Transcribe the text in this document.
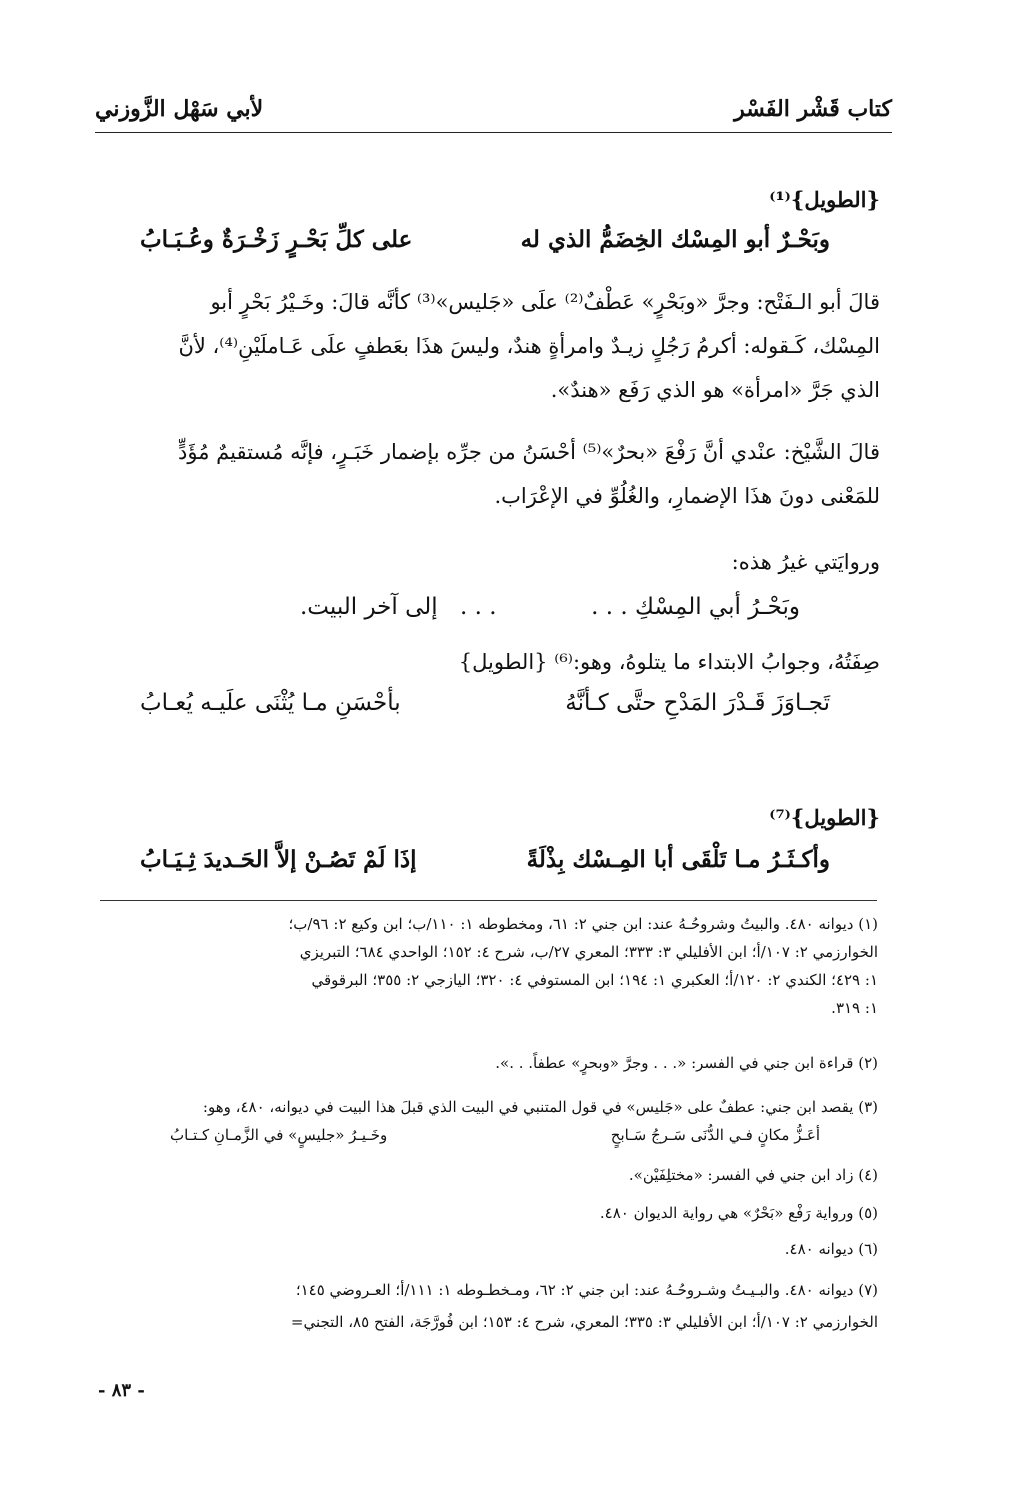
كتاب قَشْر الفَسْر
لأبي سَهْل الزَّوزني
{الطويل}⁽¹⁾
وبَحْـرٌ أبو المِسْك الخِضَمُّ الذي له
على كلِّ بَحْـرٍ زَخْـرَةٌ وعُـبَـابُ
قالَ أبو الـفَتْح: وجرَّ «وبَحْرٍ» عَطْفٌ⁽²⁾ علَى «جَليس»⁽³⁾ كأنَّه قالَ: وخَـيْرُ بَحْرٍ أبو
المِسْك، كَـقوله: أكرمُ رَجُلٍ زيـدٌ وامرأةٍ هندٌ، وليسَ هذَا بعَطفٍ علَى عَـاملَيْنِ⁽⁴⁾، لأنَّ
الذي جَرَّ «امرأة» هو الذي رَفَع «هندٌ».
قالَ الشَّيْخ: عنْدي أنَّ رَفْعَ «بحرٌ»⁽⁵⁾ أحْسَنُ من جرِّه بإضمار خَبَـرٍ، فإنَّه مُستقيمٌ مُؤَدٍّ
للمَعْنى دونَ هذَا الإضمارِ، والغُلُوِّ في الإعْرَاب.
وروايَتي غيرُ هذه:
وبَحْـرُ أبي المِسْكِ . . .
. . .
إلى آخر البيت.
صِفَتُهُ، وجوابُ الابتداء ما يتلوهُ، وهو:⁽⁶⁾ {الطويل}
تَجـاوَزَ قَـدْرَ المَدْحِ حتَّى كـأنَّهُ
بأحْسَنِ مـا يُثْنَى علَيـه يُعـابُ
{الطويل}⁽⁷⁾
وأكـثَـرُ مـا تَلْقَى أبا المِـسْك بِذْلَةً
إذَا لَمْ تَصُـنْ إلاَّ الحَـديدَ ثِـيَـابُ
(١) ديوانه ٤٨٠. والبيتُ وشروحُـهُ عند: ابن جني ٢: ٦١، ومخطوطه ١: ١١٠/ب؛ ابن وكيع ٢: ٩٦/ب؛
الخوارزمي ٢: ١٠٧/أ؛ ابن الأفليلي ٣: ٣٣٣؛ المعري ٢٧/ب، شرح ٤: ١٥٢؛ الواحدي ٦٨٤؛ التبريزي
١: ٤٢٩؛ الكندي ٢: ١٢٠/أ؛ العكبري ١: ١٩٤؛ ابن المستوفي ٤: ٣٢٠؛ اليازجي ٢: ٣٥٥؛ البرقوقي
١: ٣١٩.
(٢) قراءة ابن جني في الفسر: «. . . وجرَّ «وبحرٍ» عطفاً. . .».
(٣) يقصد ابن جني: عطفٌ على «جَليس» في قول المتنبي في البيت الذي قبلَ هذا البيت في ديوانه، ٤٨٠، وهو:
أعَـزُّ مكانٍ فـي الدُّنَى سَـرجُ سَـابحٍ
وخَـيـرُ «جليسٍ» في الزَّمـانِ كـتـابُ
(٤) زاد ابن جني في الفسر: «مختلِفَيْن».
(٥) ورواية رَفْع «بَحْرٌ» هي رواية الديوان ٤٨٠.
(٦) ديوانه ٤٨٠.
(٧) ديوانه ٤٨٠. والبـيـتُ وشـروحُـهُ عند: ابن جني ٢: ٦٢، ومـخطـوطه ١: ١١١/أ؛ العـروضي ١٤٥؛
الخوارزمي ٢: ١٠٧/أ؛ ابن الأفليلي ٣: ٣٣٥؛ المعري، شرح ٤: ١٥٣؛ ابن فُورَّجَة، الفتح ٨٥، التجني=
- ٨٣ -
